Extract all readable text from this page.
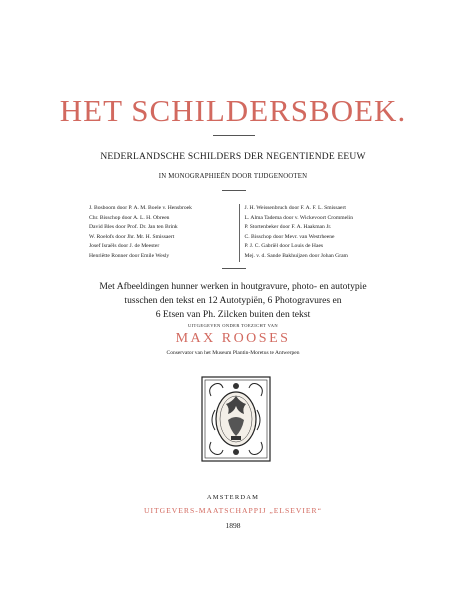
HET SCHILDERSBOEK.
NEDERLANDSCHE SCHILDERS DER NEGENTIENDE EEUW
IN MONOGRAPHIEËN DOOR TIJDGENOOTEN
J. Bosboom door P. A. M. Boele v. Hensbroek
Chr. Bisschop door A. L. H. Obreen
David Bles door Prof. Dr. Jan ten Brink
W. Roelofs door Jhr. Mr. H. Smissaert
Josef Israëls door J. de Meester
Henriëtte Ronner door Emile Wesly
J. H. Weissenbruch door F. A. F. L. Smissaert
L. Alma Tadema door v. Wickevoort Crommelin
P. Stortenbeker door F. A. Haakman Jr.
C. Bisschop door Mevr. van Westrheene
P. J. C. Gabriël door Louis de Haes
Mej. v. d. Sande Bakhuijzen door Johan Gram
Met Afbeeldingen hunner werken in houtgravure, photo- en autotypie
tusschen den tekst en 12 Autotypiën, 6 Photogravures en
6 Etsen van Ph. Zilcken buiten den tekst
UITGEGEVEN ONDER TOEZICHT VAN
MAX ROOSES
Conservator van het Museum Plantin-Moretus te Antwerpen
AMSTERDAM
UITGEVERS-MAATSCHAPPIJ „ELSEVIER“
1898
